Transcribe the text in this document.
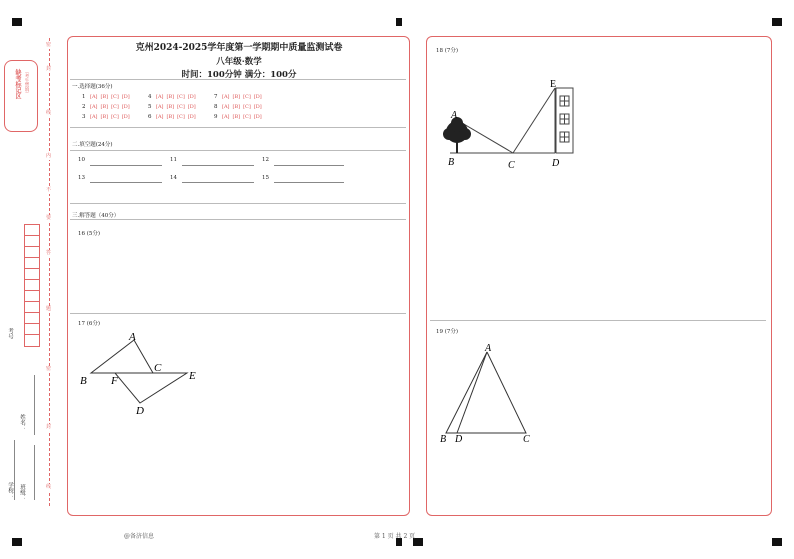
缺考标记区 （考生禁填）
密
封
线
内
不
要
答
题
密
封
线
考号
姓名：
学校： 班级：
克州2024-2025学年度第一学期期中质量监测试卷
八年级·数学
时间：100分钟 满分：100分
一.选择题(36分)
1 [A] [B] [C] [D]	4 [A] [B] [C] [D]	7 [A] [B] [C] [D]
2 [A] [B] [C] [D]	5 [A] [B] [C] [D]	8 [A] [B] [C] [D]
3 [A] [B] [C] [D]	6 [A] [B] [C] [D]	9 [A] [B] [C] [D]
二.填空题(24分)
10	11	12
13	14	15
三.解答题（40分）
16 (5分)
17 (6分)
A
B F
C
E
D
18 (7分)
A
B	C	D
E
19 (7分)
A
B D	C
@备济信息	第 1 页 共 2 页
